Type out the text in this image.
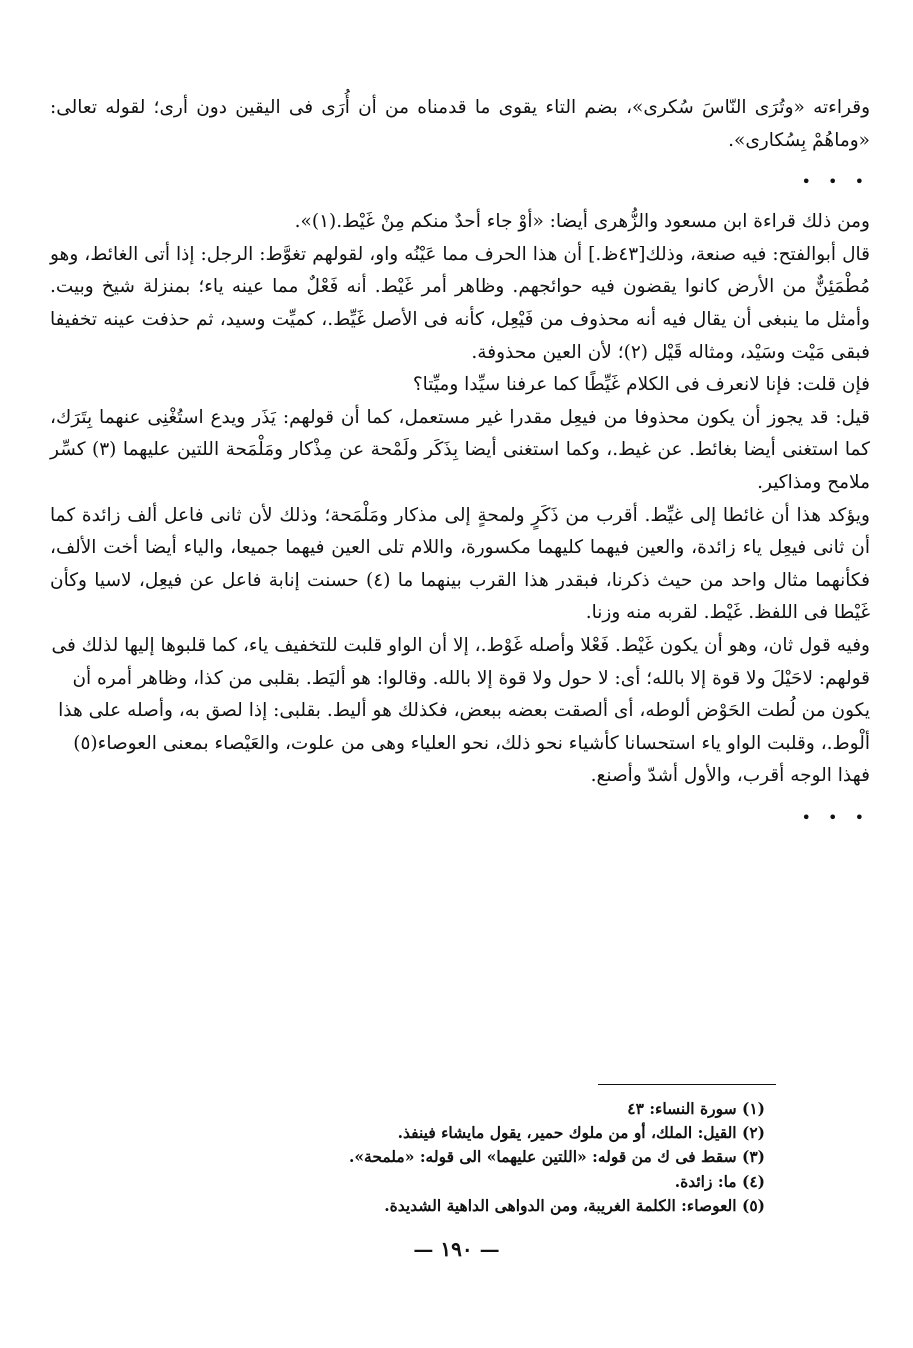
وقراءته «وتُرَى النّاسَ سُكرى»، بضم التاء يقوى ما قدمناه من أن أُرَى فى اليقين دون أرى؛ لقوله تعالى: «وماهُمْ بِسُكارى».

• • •

ومن ذلك قراءة ابن مسعود والزُّهرى أيضا: «أوْ جاء أحدٌ منكم مِنْ غَيْط.(١)».

قال أبوالفتح: فيه صنعة، وذلك[٤٣ظ.] أن هذا الحرف مما عَيْنُه واو، لقولهم تغوَّط: الرجل: إذا أتى الغائط، وهو مُطْمَئِنٌّ من الأرض كانوا يقضون فيه حوائجهم. وظاهر أمر غَيْط. أنه فَعْلٌ مما عينه ياء؛ بمنزلة شيخ وبيت. وأمثل ما ينبغى أن يقال فيه أنه محذوف من فَيْعِل، كأنه فى الأصل غَيِّط.، كميِّت وسيد، ثم حذفت عينه تخفيفا فبقى مَيْت وسَيْد، ومثاله قَيْل (٢)؛ لأن العين محذوفة.

فإن قلت: فإنا لانعرف فى الكلام غَيِّطًا كما عرفنا سيِّدا وميِّتا؟

قيل: قد يجوز أن يكون محذوفا من فيعِل مقدرا غير مستعمل، كما أن قولهم: يَذَر ويدع استُغْنِى عنهما بِتَرَك، كما استغنى أيضا بغائط. عن غيط.، وكما استغنى أيضا بِذَكَر ولَمْحة عن مِذْكار ومَلْمَحة اللتين عليهما (٣) كسِّر ملامح ومذاكير.

ويؤكد هذا أن غائطا إلى غيِّط. أقرب من ذَكَرٍ ولمحةٍ إلى مذكار ومَلْمَحة؛ وذلك لأن ثانى فاعل ألف زائدة كما أن ثانى فيعِل ياء زائدة، والعين فيهما كليهما مكسورة، واللام تلى العين فيهما جميعا، والياء أيضا أخت الألف، فكأنهما مثال واحد من حيث ذكرنا، فبقدر هذا القرب بينهما ما (٤) حسنت إنابة فاعل عن فيعِل، لاسيا وكأن غَيْطا فى اللفظ. غَيْط. لقربه منه وزنا.

وفيه قول ثان، وهو أن يكون غَيْط. فَعْلا وأصله غَوْط.، إلا أن الواو قلبت للتخفيف ياء، كما قلبوها إليها لذلك فى قولهم: لاحَيْلَ ولا قوة إلا بالله؛ أى: لا حول ولا قوة إلا بالله. وقالوا: هو أليَط. بقلبى من كذا، وظاهر أمره أن يكون من لُطت الحَوْض ألوطه، أى ألصقت بعضه ببعض، فكذلك هو أليط. بقلبى: إذا لصق به، وأصله على هذا ألْوط.، وقلبت الواو ياء استحسانا كأشياء نحو ذلك، نحو العلياء وهى من علوت، والعَيْصاء بمعنى العوصاء(٥) فهذا الوجه أقرب، والأول أشدّ وأصنع.

• • •
(١) سورة النساء: ٤٣
(٢) القيل: الملك، أو من ملوك حمير، يقول مايشاء فينفذ.
(٣) سقط فى ك من قوله: «اللتين عليهما» الى قوله: «ملمحة».
(٤) ما: زائدة.
(٥) العوصاء: الكلمة الغريبة، ومن الدواهى الداهية الشديدة.
— ١٩٠ —
